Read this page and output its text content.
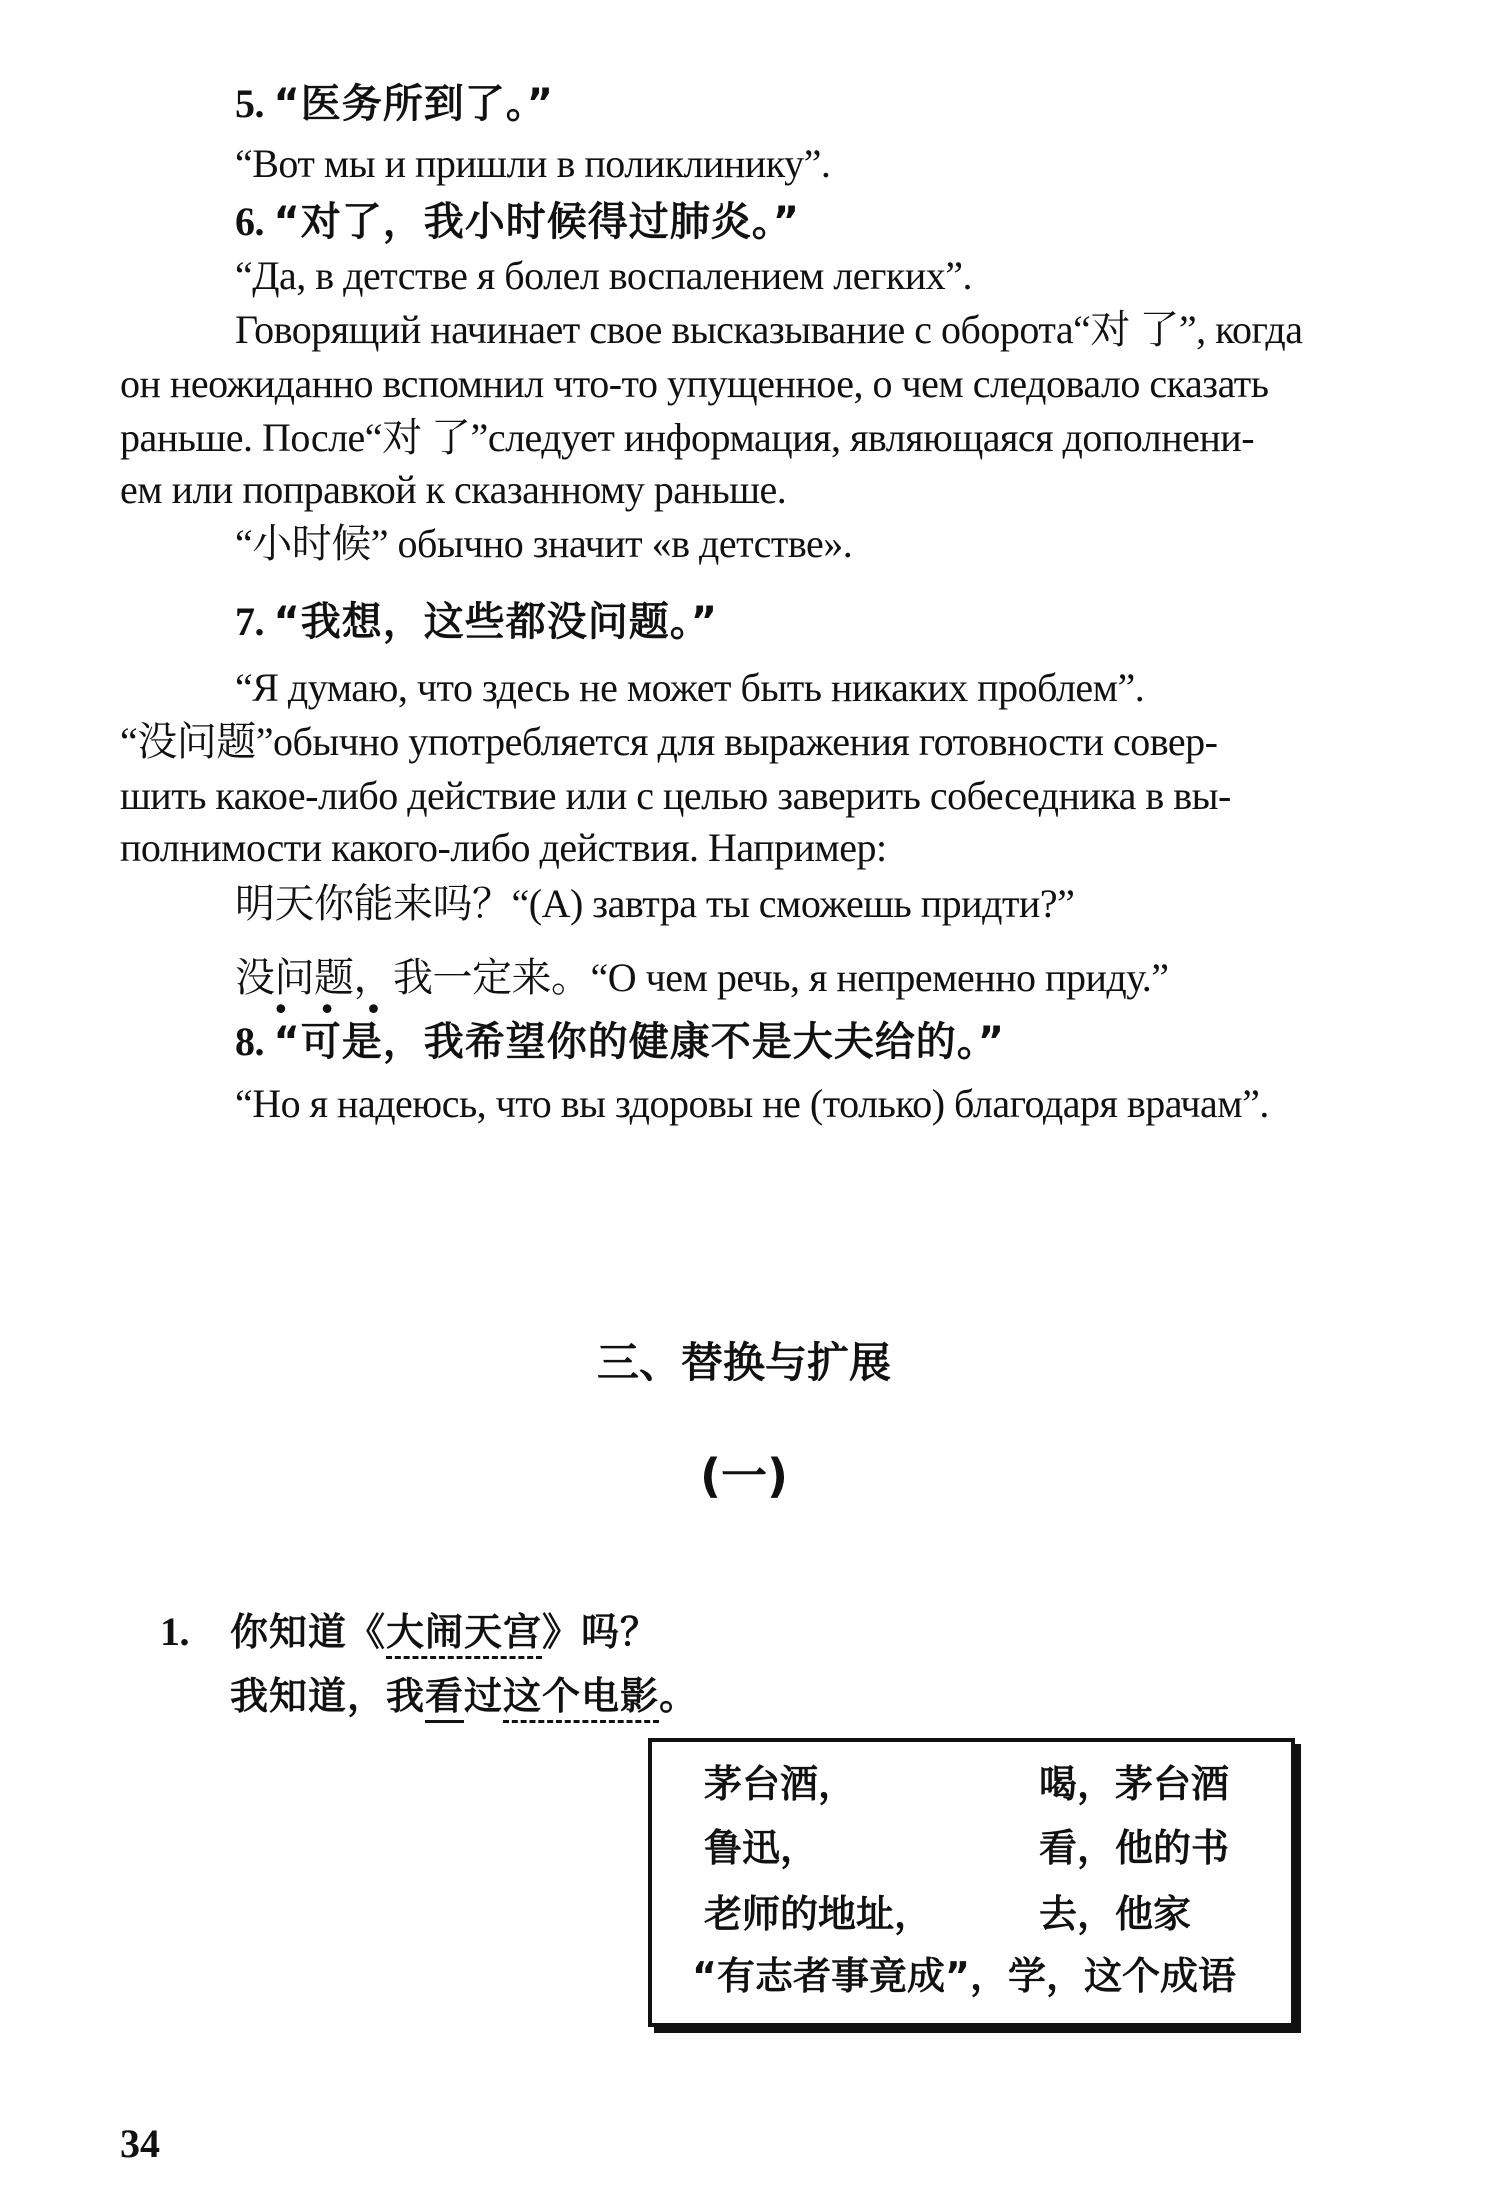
5. “医务所到了。”
“Вот мы и пришли в поликлинику”.
6. “对了，我小时候得过肺炎。”
“Да, в детстве я болел воспалением легких”.
Говорящий начинает свое высказывание с оборота“对 了”, когда
он неожиданно вспомнил что-то упущенное, о чем следовало сказать
раньше. После“对 了”следует информация, являющаяся дополнени-
ем или поправкой к сказанному раньше.
“小时候” обычно значит «в детстве».
7. “我想，这些都没问题。”
“Я думаю, что здесь не может быть никаких проблем”.
“没问题”обычно употребляется для выражения готовности совер-
шить какое-либо действие или с целью заверить собеседника в вы-
полнимости какого-либо действия. Например:
明天你能来吗？“(А) завтра ты сможешь придти?”
没问题，我一定来。“О чем речь, я непременно приду.”
•   •   •
8. “可是，我希望你的健康不是大夫给的。”
“Но я надеюсь, что вы здоровы не (только) благодаря врачам”.
三、替换与扩展
(一)
1. 你知道《大闹天宫》吗？
我知道，我看过这个电影。
茅台酒，	喝，茅台酒
鲁迅，	看，他的书
老师的地址，	去，他家
“有志者事竟成”，学，这个成语
34
